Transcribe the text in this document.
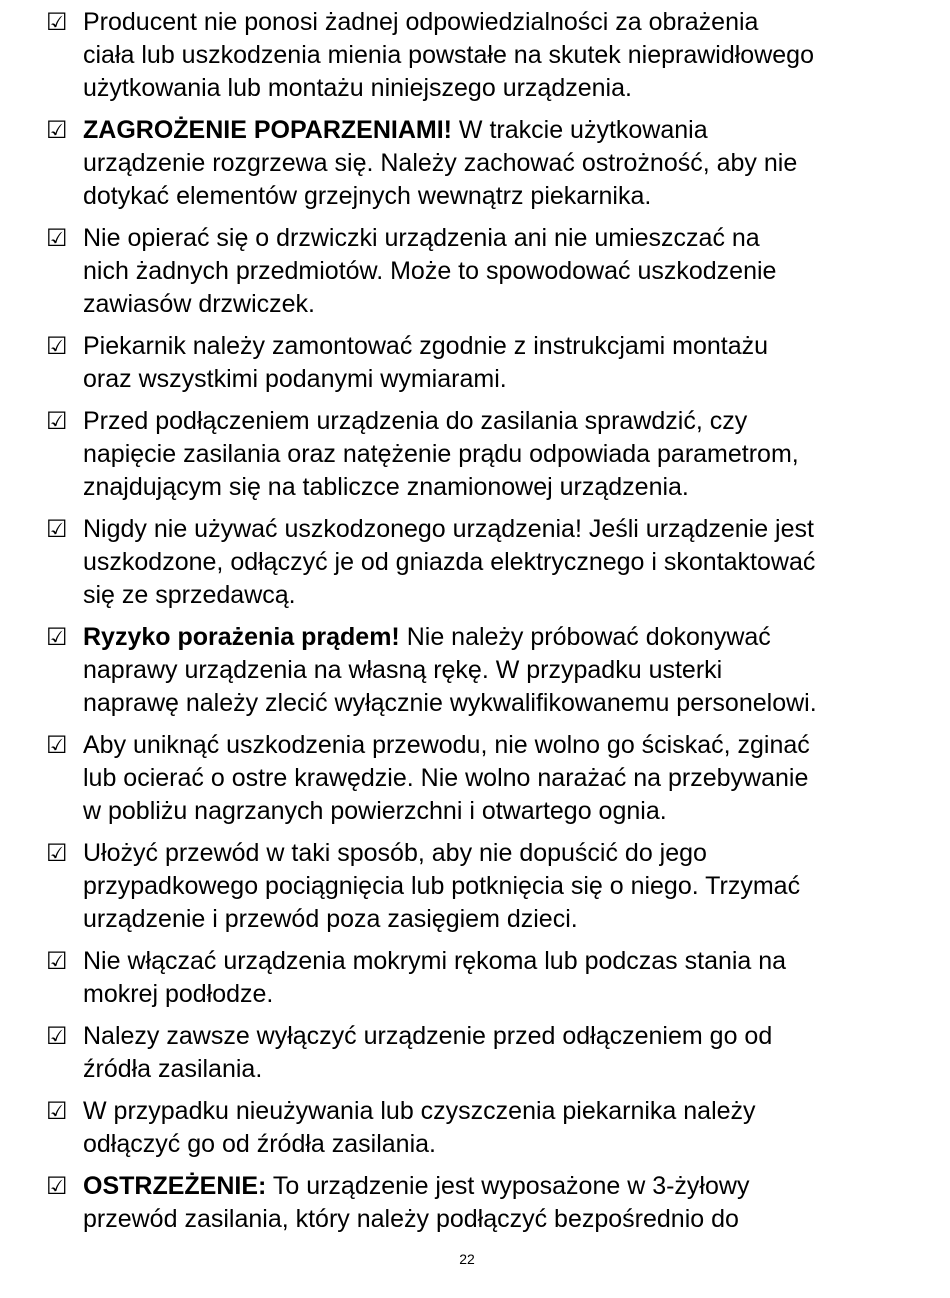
☑ Producent nie ponosi żadnej odpowiedzialności za obrażenia
ciała lub uszkodzenia mienia powstałe na skutek nieprawidłowego
użytkowania lub montażu niniejszego urządzenia.
☑ ZAGROŻENIE POPARZENIAMI! W trakcie użytkowania
urządzenie rozgrzewa się. Należy zachować ostrożność, aby nie
dotykać elementów grzejnych wewnątrz piekarnika.
☑ Nie opierać się o drzwiczki urządzenia ani nie umieszczać na
nich żadnych przedmiotów. Może to spowodować uszkodzenie
zawiasów drzwiczek.
☑ Piekarnik należy zamontować zgodnie z instrukcjami montażu
oraz wszystkimi podanymi wymiarami.
☑ Przed podłączeniem urządzenia do zasilania sprawdzić, czy
napięcie zasilania oraz natężenie prądu odpowiada parametrom,
znajdującym się na tabliczce znamionowej urządzenia.
☑ Nigdy nie używać uszkodzonego urządzenia! Jeśli urządzenie jest
uszkodzone, odłączyć je od gniazda elektrycznego i skontaktować
się ze sprzedawcą.
☑ Ryzyko porażenia prądem! Nie należy próbować dokonywać
naprawy urządzenia na własną rękę. W przypadku usterki
naprawę należy zlecić wyłącznie wykwalifikowanemu personelowi.
☑ Aby uniknąć uszkodzenia przewodu, nie wolno go ściskać, zginać
lub ocierać o ostre krawędzie. Nie wolno narażać na przebywanie
w pobliżu nagrzanych powierzchni i otwartego ognia.
☑ Ułożyć przewód w taki sposób, aby nie dopuścić do jego
przypadkowego pociągnięcia lub potknięcia się o niego. Trzymać
urządzenie i przewód poza zasięgiem dzieci.
☑ Nie włączać urządzenia mokrymi rękoma lub podczas stania na
mokrej podłodze.
☑ Nalezy zawsze wyłączyć urządzenie przed odłączeniem go od
źródła zasilania.
☑ W przypadku nieużywania lub czyszczenia piekarnika należy
odłączyć go od źródła zasilania.
☑ OSTRZEŻENIE: To urządzenie jest wyposażone w 3-żyłowy
przewód zasilania, który należy podłączyć bezpośrednio do
22
